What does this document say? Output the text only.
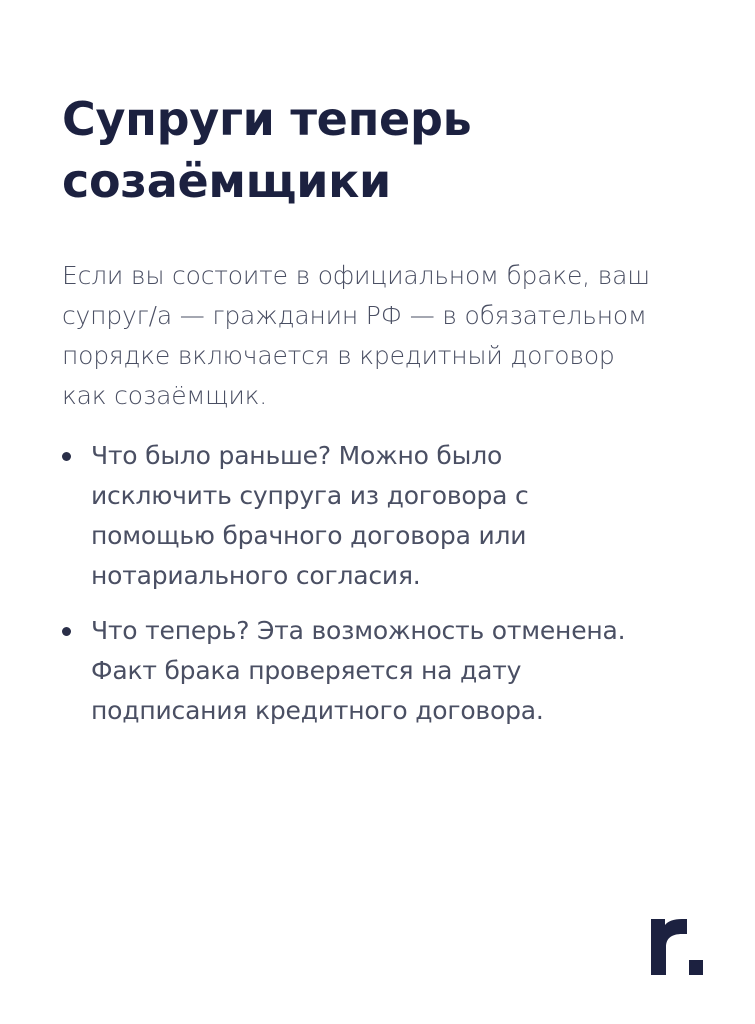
Супруги теперь
созаёмщики

Если вы состоите в официальном браке, ваш
супруг/а — гражданин РФ — в обязательном
порядке включается в кредитный договор
как созаёмщик.

Что было раньше? Можно было
исключить супруга из договора с
помощью брачного договора или
нотариального согласия.

Что теперь? Эта возможность отменена.
Факт брака проверяется на дату
подписания кредитного договора.
